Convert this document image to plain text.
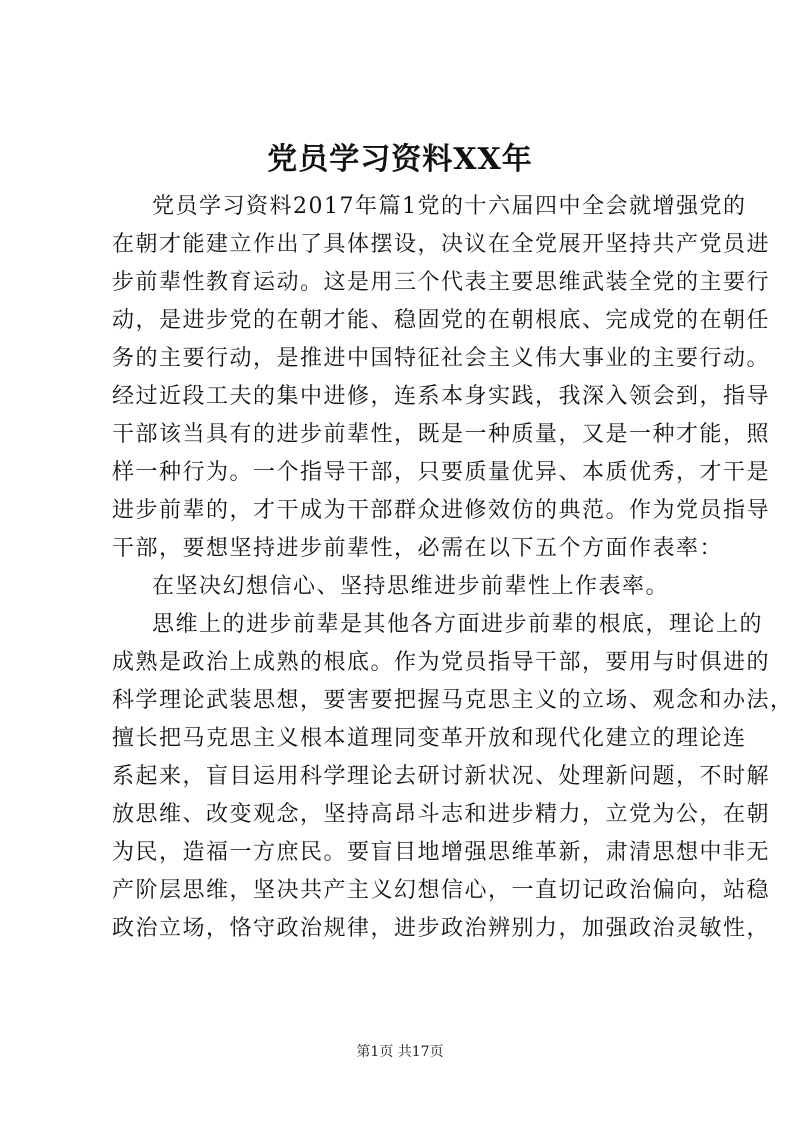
党员学习资料XX年
党员学习资料2017年篇1党的十六届四中全会就增强党的
在朝才能建立作出了具体摆设，决议在全党展开坚持共产党员进
步前辈性教育运动。这是用三个代表主要思维武装全党的主要行
动，是进步党的在朝才能、稳固党的在朝根底、完成党的在朝任
务的主要行动，是推进中国特征社会主义伟大事业的主要行动。
经过近段工夫的集中进修，连系本身实践，我深入领会到，指导
干部该当具有的进步前辈性，既是一种质量，又是一种才能，照
样一种行为。一个指导干部，只要质量优异、本质优秀，才干是
进步前辈的，才干成为干部群众进修效仿的典范。作为党员指导
干部，要想坚持进步前辈性，必需在以下五个方面作表率：
在坚决幻想信心、坚持思维进步前辈性上作表率。
思维上的进步前辈是其他各方面进步前辈的根底，理论上的
成熟是政治上成熟的根底。作为党员指导干部，要用与时俱进的
科学理论武装思想，要害要把握马克思主义的立场、观念和办法，
擅长把马克思主义根本道理同变革开放和现代化建立的理论连
系起来，盲目运用科学理论去研讨新状况、处理新问题，不时解
放思维、改变观念，坚持高昂斗志和进步精力，立党为公，在朝
为民，造福一方庶民。要盲目地增强思维革新，肃清思想中非无
产阶层思维，坚决共产主义幻想信心，一直切记政治偏向，站稳
政治立场，恪守政治规律，进步政治辨别力，加强政治灵敏性，
第1页 共17页
